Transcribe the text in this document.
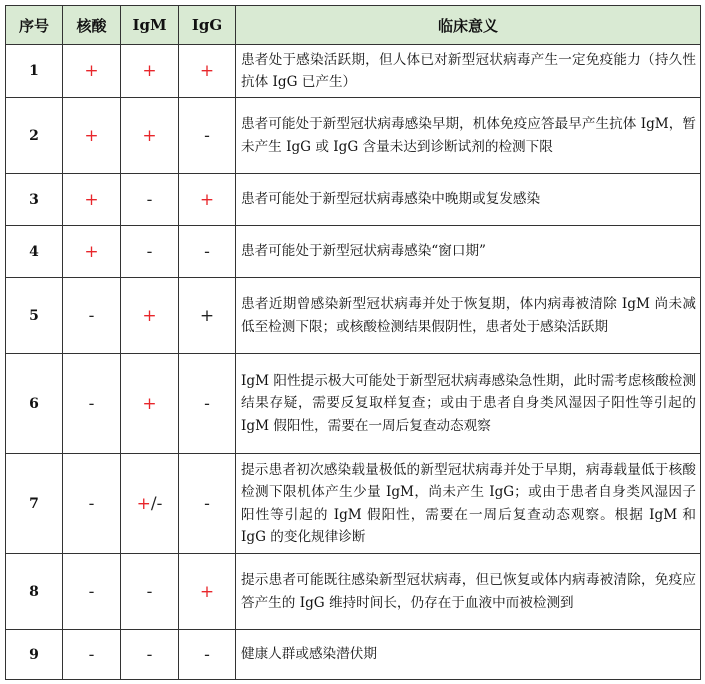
序号	核酸	IgM	IgG	临床意义
1	+	+	+	患者处于感染活跃期，但人体已对新型冠状病毒产生一定免疫能力（持久性抗体 IgG 已产生）
2	+	+	-	患者可能处于新型冠状病毒感染早期，机体免疫应答最早产生抗体 IgM，暂未产生 IgG 或 IgG 含量未达到诊断试剂的检测下限
3	+	-	+	患者可能处于新型冠状病毒感染中晚期或复发感染
4	+	-	-	患者可能处于新型冠状病毒感染“窗口期”
5	-	+	+	患者近期曾感染新型冠状病毒并处于恢复期，体内病毒被清除 IgM 尚未减低至检测下限；或核酸检测结果假阴性，患者处于感染活跃期
6	-	+	-	IgM 阳性提示极大可能处于新型冠状病毒感染急性期，此时需考虑核酸检测结果存疑，需要反复取样复查；或由于患者自身类风湿因子阳性等引起的 IgM 假阳性，需要在一周后复查动态观察
7	-	+/-	-	提示患者初次感染载量极低的新型冠状病毒并处于早期，病毒载量低于核酸检测下限机体产生少量 IgM，尚未产生 IgG；或由于患者自身类风湿因子阳性等引起的 IgM 假阳性，需要在一周后复查动态观察。根据 IgM 和 IgG 的变化规律诊断
8	-	-	+	提示患者可能既往感染新型冠状病毒，但已恢复或体内病毒被清除，免疫应答产生的 IgG 维持时间长，仍存在于血液中而被检测到
9	-	-	-	健康人群或感染潜伏期
